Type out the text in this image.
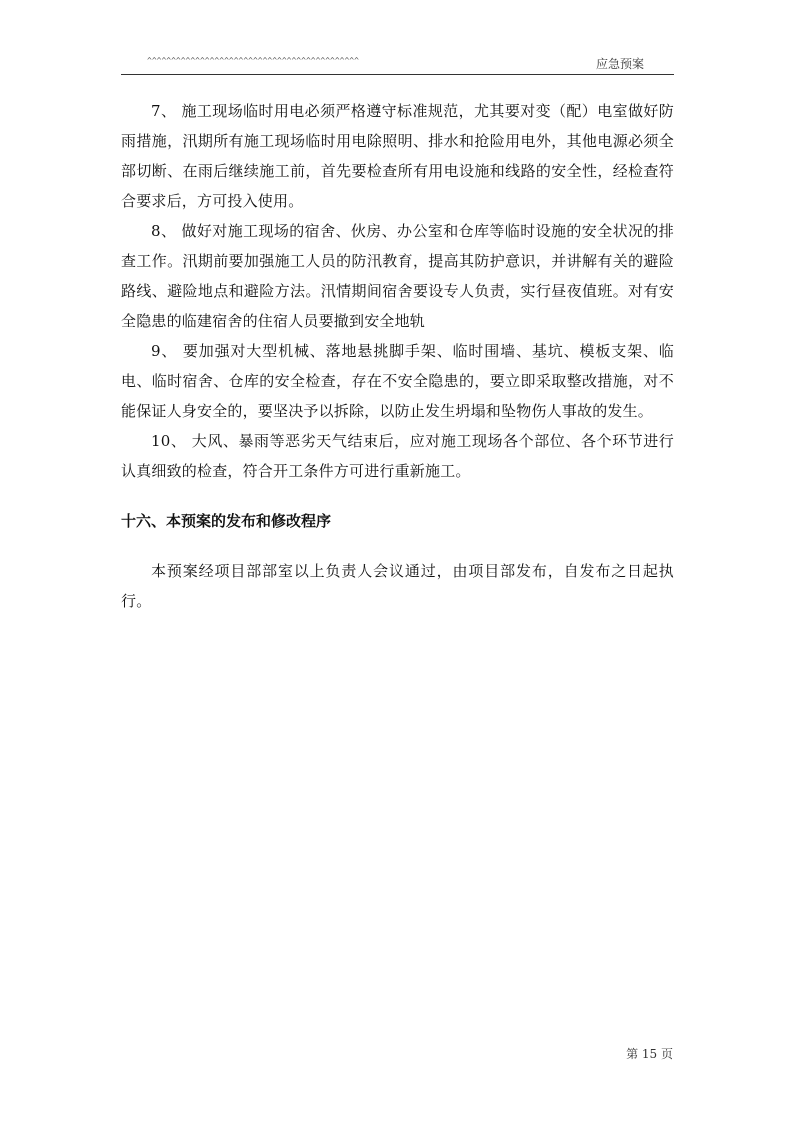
^^^^^^^^^^^^^^^^^^^^^^^^^^^^^^^^^^^^^^^^^^^^	应急预案

7、 施工现场临时用电必须严格遵守标准规范，尤其要对变（配）电室做好防雨措施，汛期所有施工现场临时用电除照明、排水和抢险用电外，其他电源必须全部切断、在雨后继续施工前，首先要检查所有用电设施和线路的安全性，经检查符合要求后，方可投入使用。

8、 做好对施工现场的宿舍、伙房、办公室和仓库等临时设施的安全状况的排查工作。汛期前要加强施工人员的防汛教育，提高其防护意识，并讲解有关的避险路线、避险地点和避险方法。汛情期间宿舍要设专人负责，实行昼夜值班。对有安全隐患的临建宿舍的住宿人员要撤到安全地轨

9、 要加强对大型机械、落地悬挑脚手架、临时围墙、基坑、模板支架、临电、临时宿舍、仓库的安全检查，存在不安全隐患的，要立即采取整改措施，对不能保证人身安全的，要坚决予以拆除，以防止发生坍塌和坠物伤人事故的发生。

10、 大风、暴雨等恶劣天气结束后，应对施工现场各个部位、各个环节进行认真细致的检查，符合开工条件方可进行重新施工。

十六、本预案的发布和修改程序

本预案经项目部部室以上负责人会议通过，由项目部发布，自发布之日起执行。

第 15 页
